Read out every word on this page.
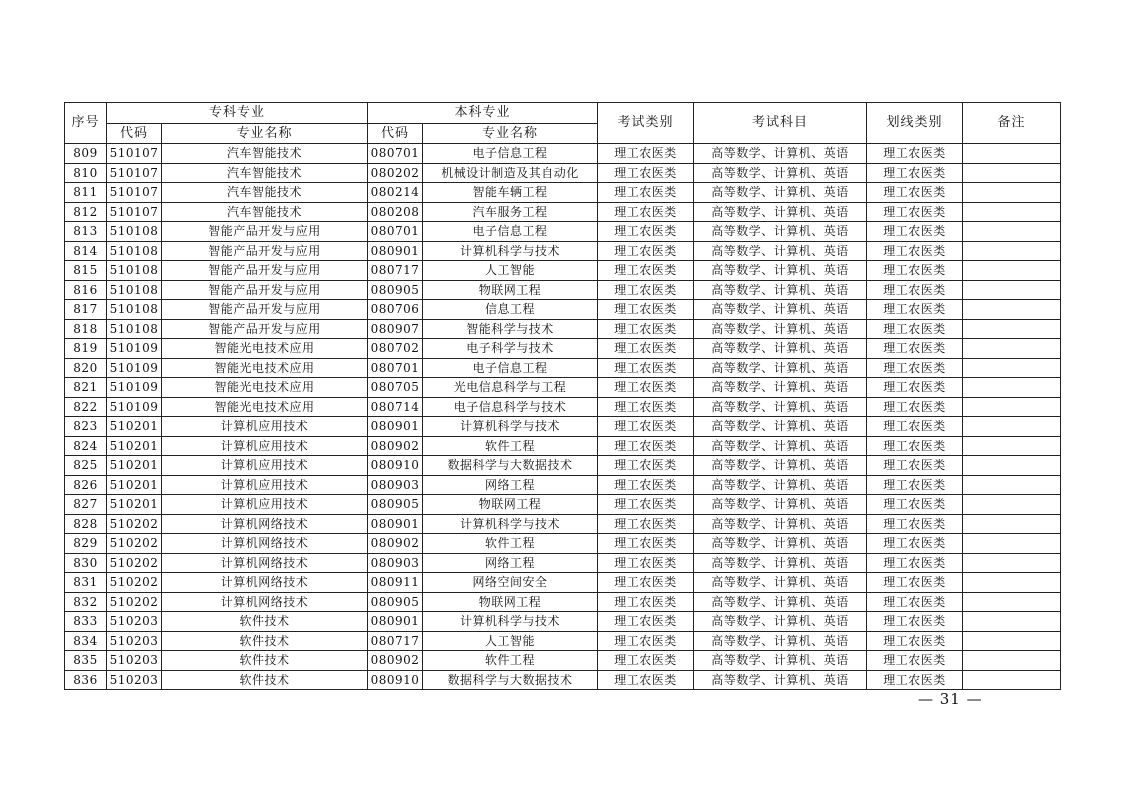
序号	专科专业		本科专业		考试类别	考试科目	划线类别	备注
	代码	专业名称	代码	专业名称				
809	510107	汽车智能技术	080701	电子信息工程	理工农医类	高等数学、计算机、英语	理工农医类	
810	510107	汽车智能技术	080202	机械设计制造及其自动化	理工农医类	高等数学、计算机、英语	理工农医类	
811	510107	汽车智能技术	080214	智能车辆工程	理工农医类	高等数学、计算机、英语	理工农医类	
812	510107	汽车智能技术	080208	汽车服务工程	理工农医类	高等数学、计算机、英语	理工农医类	
813	510108	智能产品开发与应用	080701	电子信息工程	理工农医类	高等数学、计算机、英语	理工农医类	
814	510108	智能产品开发与应用	080901	计算机科学与技术	理工农医类	高等数学、计算机、英语	理工农医类	
815	510108	智能产品开发与应用	080717	人工智能	理工农医类	高等数学、计算机、英语	理工农医类	
816	510108	智能产品开发与应用	080905	物联网工程	理工农医类	高等数学、计算机、英语	理工农医类	
817	510108	智能产品开发与应用	080706	信息工程	理工农医类	高等数学、计算机、英语	理工农医类	
818	510108	智能产品开发与应用	080907	智能科学与技术	理工农医类	高等数学、计算机、英语	理工农医类	
819	510109	智能光电技术应用	080702	电子科学与技术	理工农医类	高等数学、计算机、英语	理工农医类	
820	510109	智能光电技术应用	080701	电子信息工程	理工农医类	高等数学、计算机、英语	理工农医类	
821	510109	智能光电技术应用	080705	光电信息科学与工程	理工农医类	高等数学、计算机、英语	理工农医类	
822	510109	智能光电技术应用	080714	电子信息科学与技术	理工农医类	高等数学、计算机、英语	理工农医类	
823	510201	计算机应用技术	080901	计算机科学与技术	理工农医类	高等数学、计算机、英语	理工农医类	
824	510201	计算机应用技术	080902	软件工程	理工农医类	高等数学、计算机、英语	理工农医类	
825	510201	计算机应用技术	080910	数据科学与大数据技术	理工农医类	高等数学、计算机、英语	理工农医类	
826	510201	计算机应用技术	080903	网络工程	理工农医类	高等数学、计算机、英语	理工农医类	
827	510201	计算机应用技术	080905	物联网工程	理工农医类	高等数学、计算机、英语	理工农医类	
828	510202	计算机网络技术	080901	计算机科学与技术	理工农医类	高等数学、计算机、英语	理工农医类	
829	510202	计算机网络技术	080902	软件工程	理工农医类	高等数学、计算机、英语	理工农医类	
830	510202	计算机网络技术	080903	网络工程	理工农医类	高等数学、计算机、英语	理工农医类	
831	510202	计算机网络技术	080911	网络空间安全	理工农医类	高等数学、计算机、英语	理工农医类	
832	510202	计算机网络技术	080905	物联网工程	理工农医类	高等数学、计算机、英语	理工农医类	
833	510203	软件技术	080901	计算机科学与技术	理工农医类	高等数学、计算机、英语	理工农医类	
834	510203	软件技术	080717	人工智能	理工农医类	高等数学、计算机、英语	理工农医类	
835	510203	软件技术	080902	软件工程	理工农医类	高等数学、计算机、英语	理工农医类	
836	510203	软件技术	080910	数据科学与大数据技术	理工农医类	高等数学、计算机、英语	理工农医类	
— 31 —
